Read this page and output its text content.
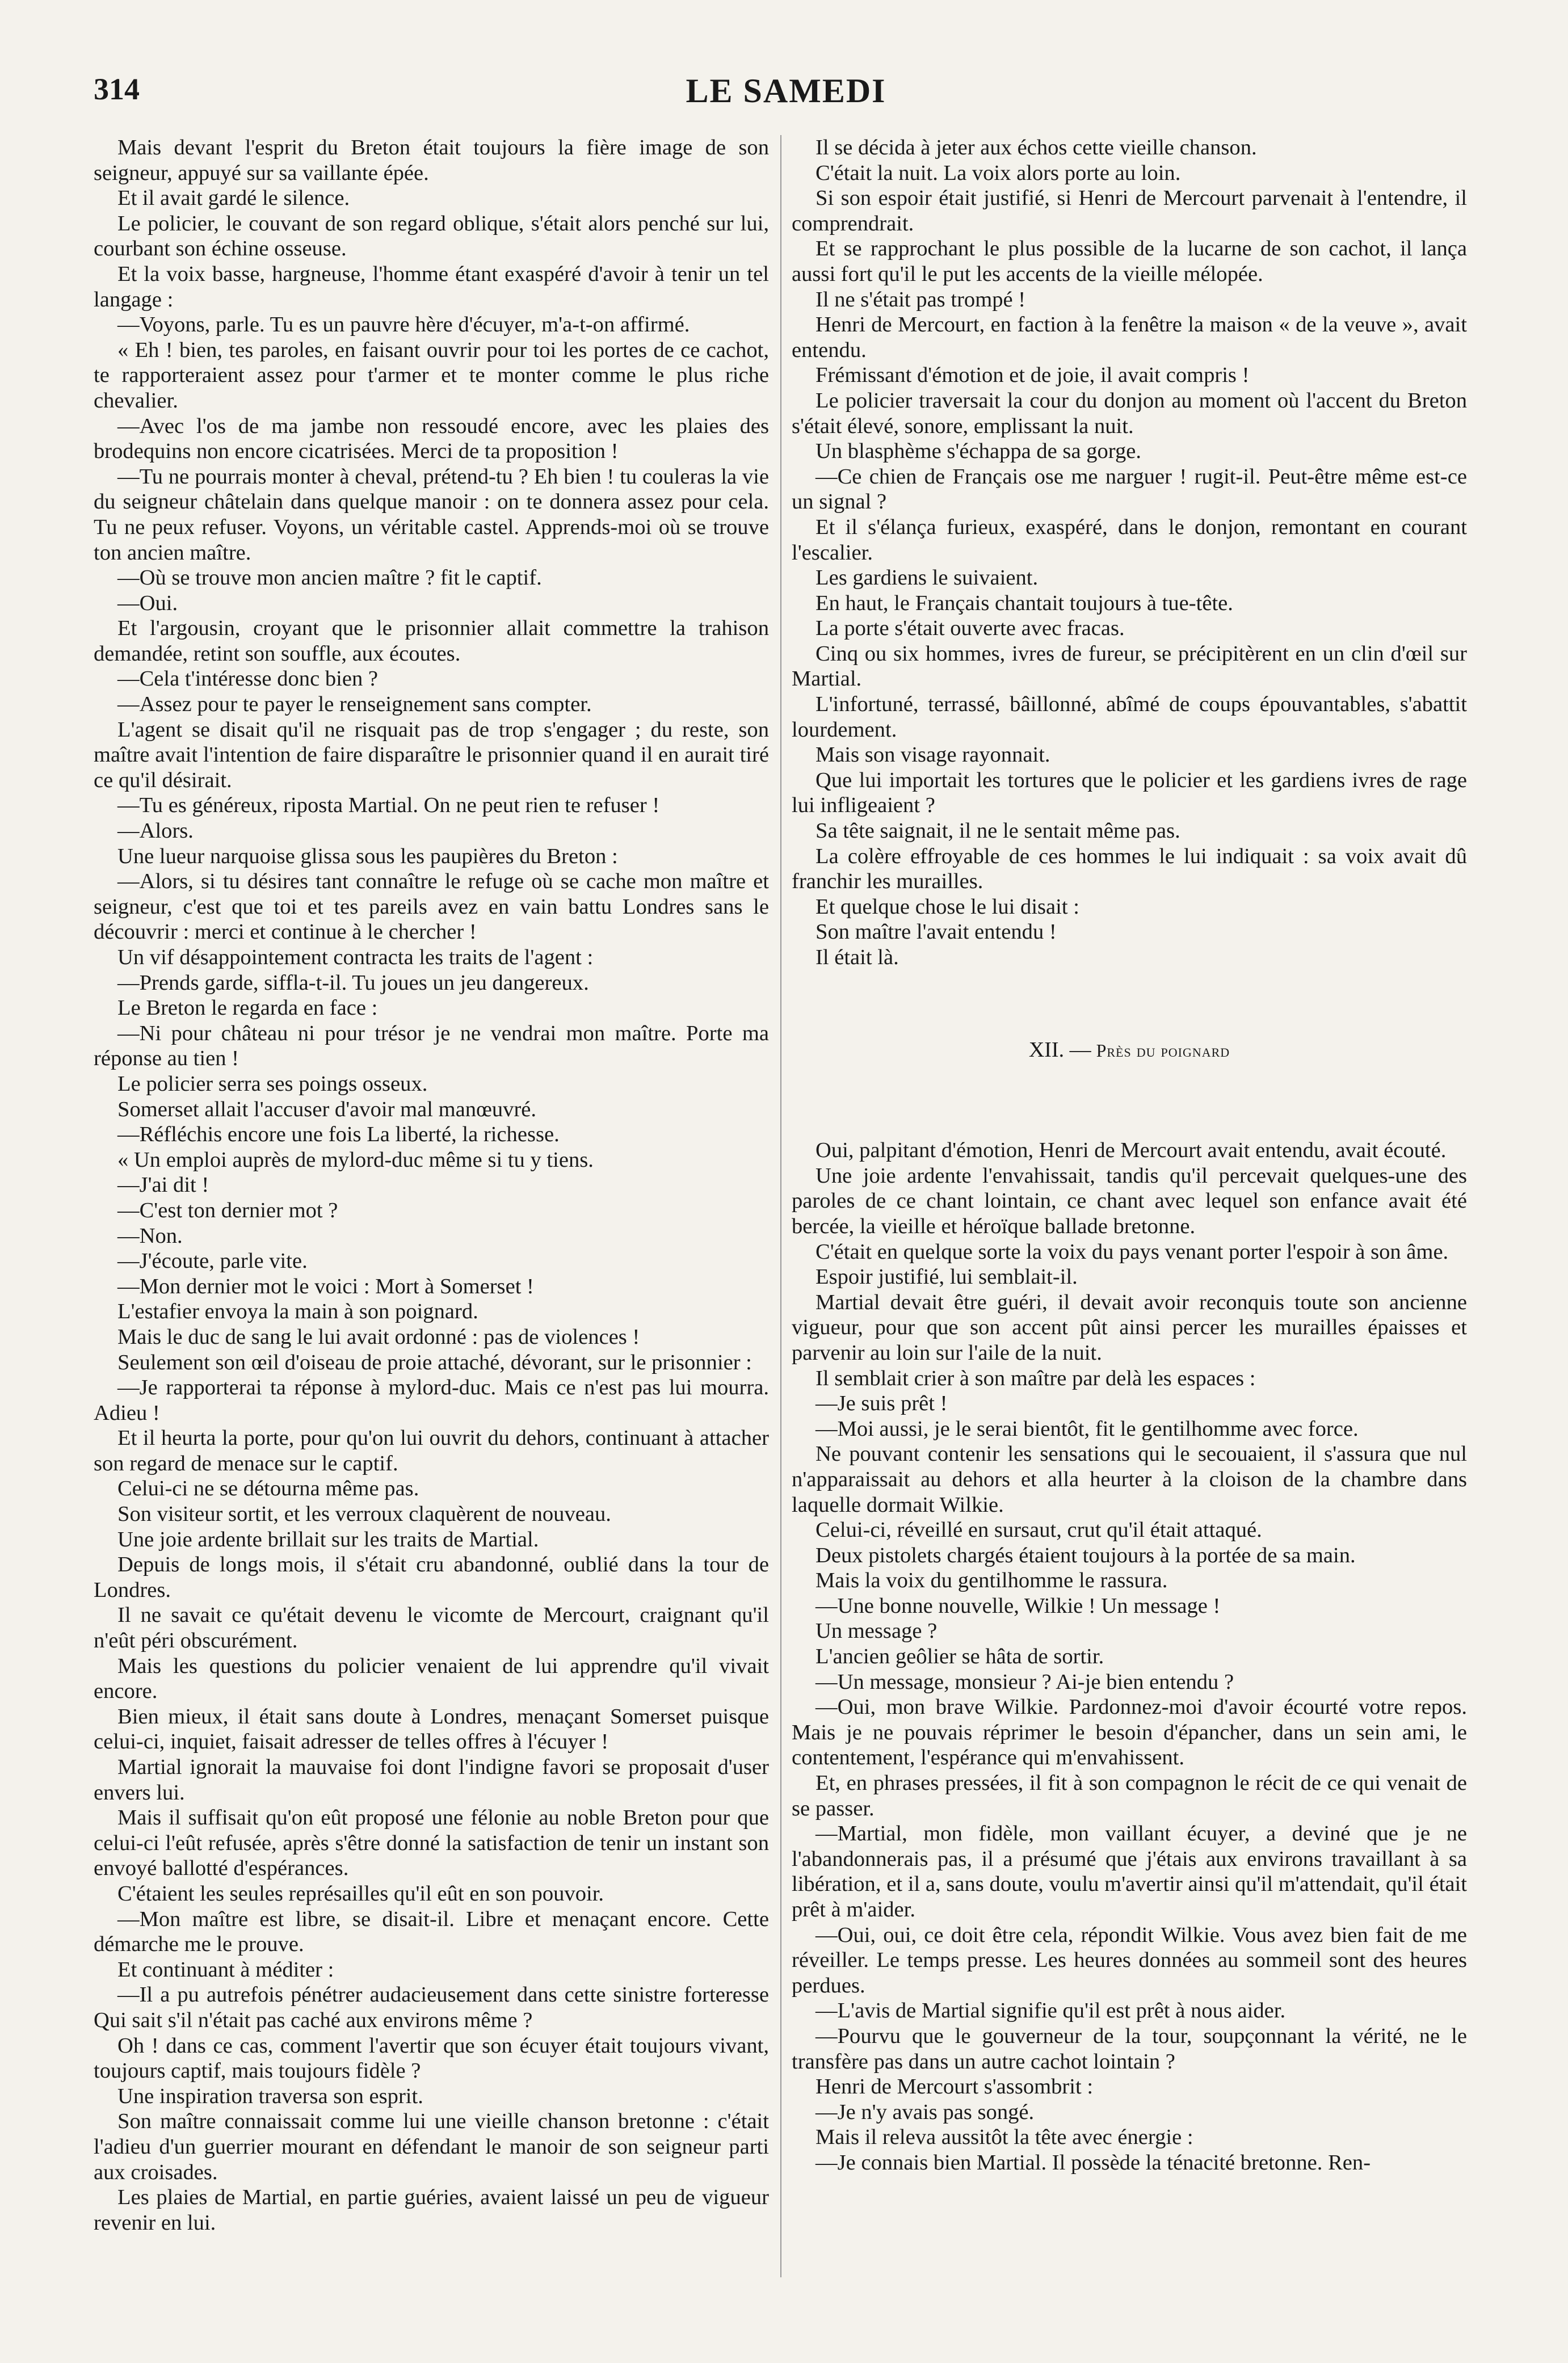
314	LE SAMEDI

Mais devant l'esprit du Breton était toujours la fière image de son seigneur, appuyé sur sa vaillante épée.

Et il avait gardé le silence.

Le policier, le couvant de son regard oblique, s'était alors penché sur lui, courbant son échine osseuse.

Et la voix basse, hargneuse, l'homme étant exaspéré d'avoir à tenir un tel langage :

—Voyons, parle. Tu es un pauvre hère d'écuyer, m'a-t-on affirmé.

« Eh ! bien, tes paroles, en faisant ouvrir pour toi les portes de ce cachot, te rapporteraient assez pour t'armer et te monter comme le plus riche chevalier.

—Avec l'os de ma jambe non ressoudé encore, avec les plaies des brodequins non encore cicatrisées. Merci de ta proposition !

—Tu ne pourrais monter à cheval, prétend-tu ? Eh bien ! tu couleras la vie du seigneur châtelain dans quelque manoir : on te donnera assez pour cela. Tu ne peux refuser. Voyons, un véritable castel. Apprends-moi où se trouve ton ancien maître.

—Où se trouve mon ancien maître ? fit le captif.

—Oui.

Et l'argousin, croyant que le prisonnier allait commettre la trahison demandée, retint son souffle, aux écoutes.

—Cela t'intéresse donc bien ?

—Assez pour te payer le renseignement sans compter.

L'agent se disait qu'il ne risquait pas de trop s'engager ; du reste, son maître avait l'intention de faire disparaître le prisonnier quand il en aurait tiré ce qu'il désirait.

—Tu es généreux, riposta Martial. On ne peut rien te refuser !

—Alors.

Une lueur narquoise glissa sous les paupières du Breton :

—Alors, si tu désires tant connaître le refuge où se cache mon maître et seigneur, c'est que toi et tes pareils avez en vain battu Londres sans le découvrir : merci et continue à le chercher !

Un vif désappointement contracta les traits de l'agent :

—Prends garde, siffla-t-il. Tu joues un jeu dangereux.

Le Breton le regarda en face :

—Ni pour château ni pour trésor je ne vendrai mon maître. Porte ma réponse au tien !

Le policier serra ses poings osseux.

Somerset allait l'accuser d'avoir mal manœuvré.

—Réfléchis encore une fois La liberté, la richesse.

« Un emploi auprès de mylord-duc même si tu y tiens.

—J'ai dit !

—C'est ton dernier mot ?

—Non.

—J'écoute, parle vite.

—Mon dernier mot le voici : Mort à Somerset !

L'estafier envoya la main à son poignard.

Mais le duc de sang le lui avait ordonné : pas de violences !

Seulement son œil d'oiseau de proie attaché, dévorant, sur le prisonnier :

—Je rapporterai ta réponse à mylord-duc. Mais ce n'est pas lui mourra. Adieu !

Et il heurta la porte, pour qu'on lui ouvrit du dehors, continuant à attacher son regard de menace sur le captif.

Celui-ci ne se détourna même pas.

Son visiteur sortit, et les verroux claquèrent de nouveau.

Une joie ardente brillait sur les traits de Martial.

Depuis de longs mois, il s'était cru abandonné, oublié dans la tour de Londres.

Il ne savait ce qu'était devenu le vicomte de Mercourt, craignant qu'il n'eût péri obscurément.

Mais les questions du policier venaient de lui apprendre qu'il vivait encore.

Bien mieux, il était sans doute à Londres, menaçant Somerset puisque celui-ci, inquiet, faisait adresser de telles offres à l'écuyer !

Martial ignorait la mauvaise foi dont l'indigne favori se proposait d'user envers lui.

Mais il suffisait qu'on eût proposé une félonie au noble Breton pour que celui-ci l'eût refusée, après s'être donné la satisfaction de tenir un instant son envoyé ballotté d'espérances.

C'étaient les seules représailles qu'il eût en son pouvoir.

—Mon maître est libre, se disait-il. Libre et menaçant encore. Cette démarche me le prouve.

Et continuant à méditer :

—Il a pu autrefois pénétrer audacieusement dans cette sinistre forteresse Qui sait s'il n'était pas caché aux environs même ?

Oh ! dans ce cas, comment l'avertir que son écuyer était toujours vivant, toujours captif, mais toujours fidèle ?

Une inspiration traversa son esprit.

Son maître connaissait comme lui une vieille chanson bretonne : c'était l'adieu d'un guerrier mourant en défendant le manoir de son seigneur parti aux croisades.

Les plaies de Martial, en partie guéries, avaient laissé un peu de vigueur revenir en lui.

Il se décida à jeter aux échos cette vieille chanson.

C'était la nuit. La voix alors porte au loin.

Si son espoir était justifié, si Henri de Mercourt parvenait à l'entendre, il comprendrait.

Et se rapprochant le plus possible de la lucarne de son cachot, il lança aussi fort qu'il le put les accents de la vieille mélopée.

Il ne s'était pas trompé !

Henri de Mercourt, en faction à la fenêtre la maison « de la veuve », avait entendu.

Frémissant d'émotion et de joie, il avait compris !

Le policier traversait la cour du donjon au moment où l'accent du Breton s'était élevé, sonore, emplissant la nuit.

Un blasphème s'échappa de sa gorge.

—Ce chien de Français ose me narguer ! rugit-il. Peut-être même est-ce un signal ?

Et il s'élança furieux, exaspéré, dans le donjon, remontant en courant l'escalier.

Les gardiens le suivaient.

En haut, le Français chantait toujours à tue-tête.

La porte s'était ouverte avec fracas.

Cinq ou six hommes, ivres de fureur, se précipitèrent en un clin d'œil sur Martial.

L'infortuné, terrassé, bâillonné, abîmé de coups épouvantables, s'abattit lourdement.

Mais son visage rayonnait.

Que lui importait les tortures que le policier et les gardiens ivres de rage lui infligeaient ?

Sa tête saignait, il ne le sentait même pas.

La colère effroyable de ces hommes le lui indiquait : sa voix avait dû franchir les murailles.

Et quelque chose le lui disait :

Son maître l'avait entendu !

Il était là.

XII. — Près du poignard

Oui, palpitant d'émotion, Henri de Mercourt avait entendu, avait écouté.

Une joie ardente l'envahissait, tandis qu'il percevait quelques-une des paroles de ce chant lointain, ce chant avec lequel son enfance avait été bercée, la vieille et héroïque ballade bretonne.

C'était en quelque sorte la voix du pays venant porter l'espoir à son âme.

Espoir justifié, lui semblait-il.

Martial devait être guéri, il devait avoir reconquis toute son ancienne vigueur, pour que son accent pût ainsi percer les murailles épaisses et parvenir au loin sur l'aile de la nuit.

Il semblait crier à son maître par delà les espaces :

—Je suis prêt !

—Moi aussi, je le serai bientôt, fit le gentilhomme avec force.

Ne pouvant contenir les sensations qui le secouaient, il s'assura que nul n'apparaissait au dehors et alla heurter à la cloison de la chambre dans laquelle dormait Wilkie.

Celui-ci, réveillé en sursaut, crut qu'il était attaqué.

Deux pistolets chargés étaient toujours à la portée de sa main.

Mais la voix du gentilhomme le rassura.

—Une bonne nouvelle, Wilkie ! Un message !

Un message ?

L'ancien geôlier se hâta de sortir.

—Un message, monsieur ? Ai-je bien entendu ?

—Oui, mon brave Wilkie. Pardonnez-moi d'avoir écourté votre repos. Mais je ne pouvais réprimer le besoin d'épancher, dans un sein ami, le contentement, l'espérance qui m'envahissent.

Et, en phrases pressées, il fit à son compagnon le récit de ce qui venait de se passer.

—Martial, mon fidèle, mon vaillant écuyer, a deviné que je ne l'abandonnerais pas, il a présumé que j'étais aux environs travaillant à sa libération, et il a, sans doute, voulu m'avertir ainsi qu'il m'attendait, qu'il était prêt à m'aider.

—Oui, oui, ce doit être cela, répondit Wilkie. Vous avez bien fait de me réveiller. Le temps presse. Les heures données au sommeil sont des heures perdues.

—L'avis de Martial signifie qu'il est prêt à nous aider.

—Pourvu que le gouverneur de la tour, soupçonnant la vérité, ne le transfère pas dans un autre cachot lointain ?

Henri de Mercourt s'assombrit :

—Je n'y avais pas songé.

Mais il releva aussitôt la tête avec énergie :

—Je connais bien Martial. Il possède la ténacité bretonne. Ren-
